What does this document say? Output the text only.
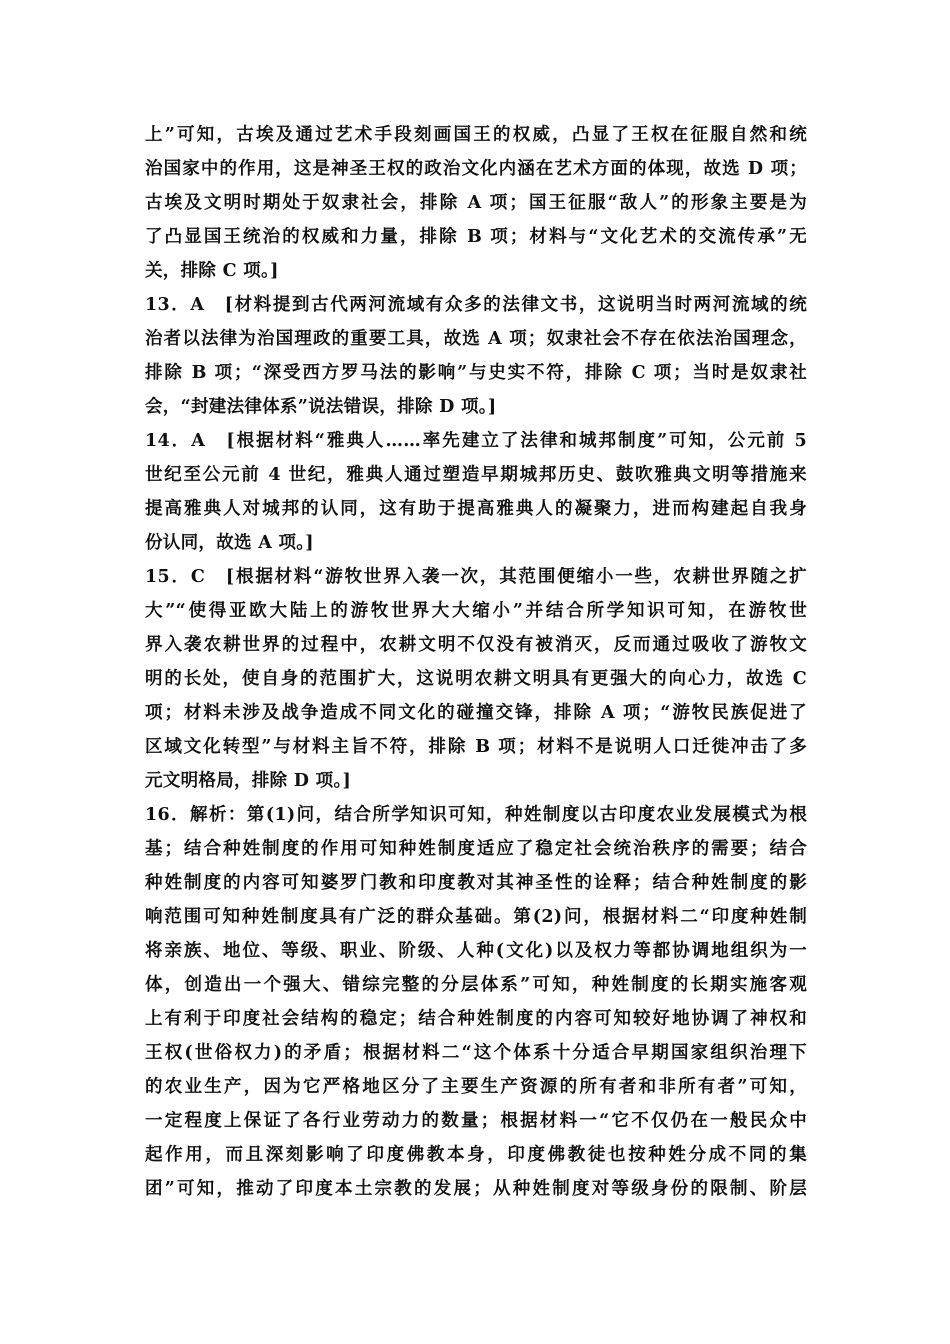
上”可知，古埃及通过艺术手段刻画国王的权威，凸显了王权在征服自然和统
治国家中的作用，这是神圣王权的政治文化内涵在艺术方面的体现，故选 D 项；
古埃及文明时期处于奴隶社会，排除 A 项；国王征服“敌人”的形象主要是为
了凸显国王统治的权威和力量，排除 B 项；材料与“文化艺术的交流传承”无
关，排除 C 项。]
13．A　[材料提到古代两河流域有众多的法律文书，这说明当时两河流域的统
治者以法律为治国理政的重要工具，故选 A 项；奴隶社会不存在依法治国理念，
排除 B 项；“深受西方罗马法的影响”与史实不符，排除 C 项；当时是奴隶社
会，“封建法律体系”说法错误，排除 D 项。]
14．A　[根据材料“雅典人……率先建立了法律和城邦制度”可知，公元前 5
世纪至公元前 4 世纪，雅典人通过塑造早期城邦历史、鼓吹雅典文明等措施来
提高雅典人对城邦的认同，这有助于提高雅典人的凝聚力，进而构建起自我身
份认同，故选 A 项。]
15．C　[根据材料“游牧世界入袭一次，其范围便缩小一些，农耕世界随之扩
大”“使得亚欧大陆上的游牧世界大大缩小”并结合所学知识可知，在游牧世
界入袭农耕世界的过程中，农耕文明不仅没有被消灭，反而通过吸收了游牧文
明的长处，使自身的范围扩大，这说明农耕文明具有更强大的向心力，故选 C
项；材料未涉及战争造成不同文化的碰撞交锋，排除 A 项；“游牧民族促进了
区域文化转型”与材料主旨不符，排除 B 项；材料不是说明人口迁徙冲击了多
元文明格局，排除 D 项。]
16．解析：第(1)问，结合所学知识可知，种姓制度以古印度农业发展模式为根
基；结合种姓制度的作用可知种姓制度适应了稳定社会统治秩序的需要；结合
种姓制度的内容可知婆罗门教和印度教对其神圣性的诠释；结合种姓制度的影
响范围可知种姓制度具有广泛的群众基础。第(2)问，根据材料二“印度种姓制
将亲族、地位、等级、职业、阶级、人种(文化)以及权力等都协调地组织为一
体，创造出一个强大、错综完整的分层体系”可知，种姓制度的长期实施客观
上有利于印度社会结构的稳定；结合种姓制度的内容可知较好地协调了神权和
王权(世俗权力)的矛盾；根据材料二“这个体系十分适合早期国家组织治理下
的农业生产，因为它严格地区分了主要生产资源的所有者和非所有者”可知，
一定程度上保证了各行业劳动力的数量；根据材料一“它不仅仍在一般民众中
起作用，而且深刻影响了印度佛教本身，印度佛教徒也按种姓分成不同的集
团”可知，推动了印度本土宗教的发展；从种姓制度对等级身份的限制、阶层
